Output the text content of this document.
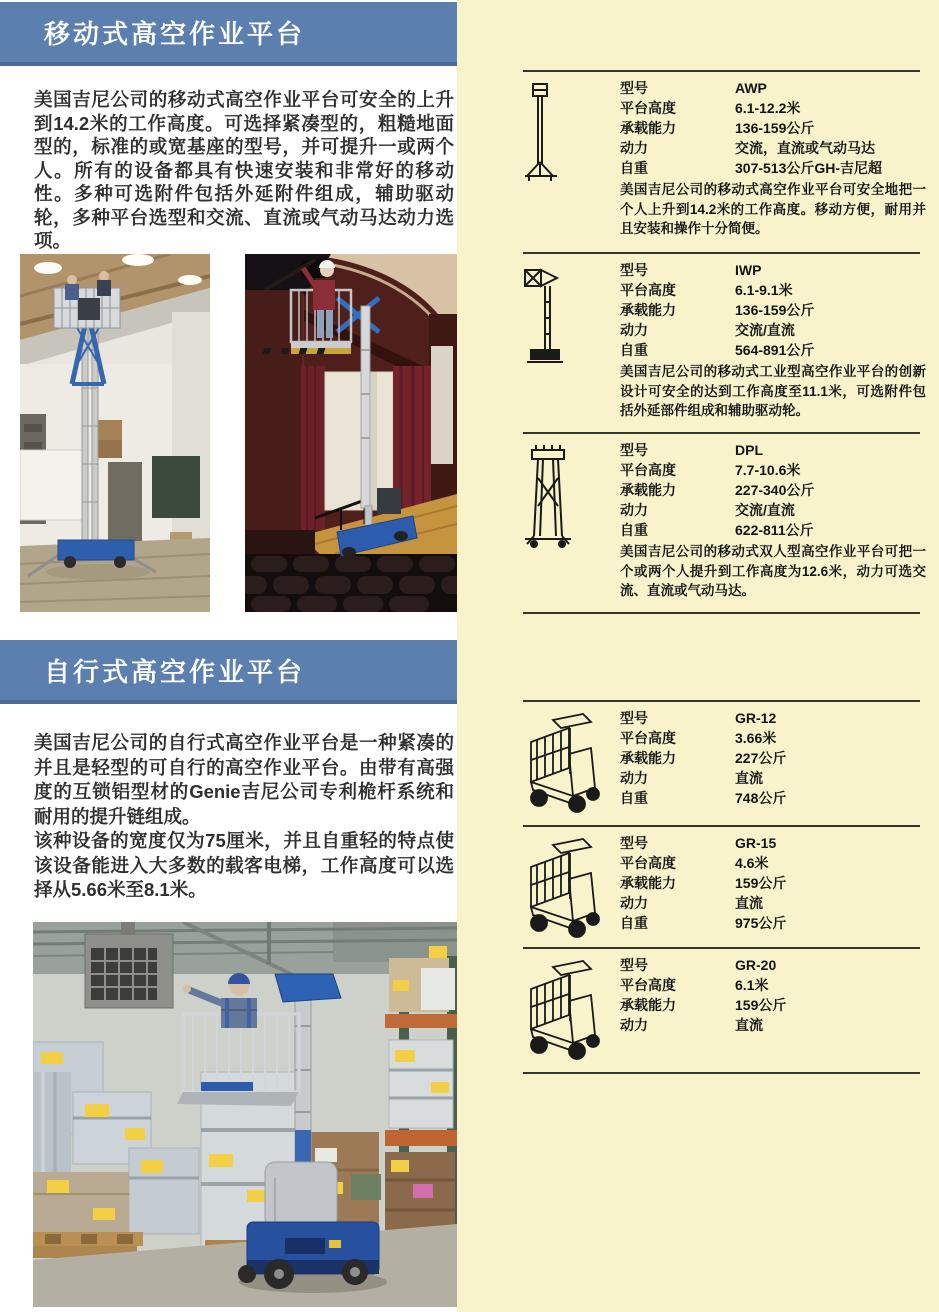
移动式高空作业平台
美国吉尼公司的移动式高空作业平台可安全的上升到14.2米的工作高度。可选择紧凑型的，粗糙地面型的，标准的或宽基座的型号，并可提升一或两个人。所有的设备都具有快速安装和非常好的移动性。多种可选附件包括外延附件组成，辅助驱动轮，多种平台选型和交流、直流或气动马达动力选项。
自行式高空作业平台
美国吉尼公司的自行式高空作业平台是一种紧凑的并且是轻型的可自行的高空作业平台。由带有高强度的互锁铝型材的Genie吉尼公司专利桅杆系统和耐用的提升链组成。
该种设备的宽度仅为75厘米，并且自重轻的特点使该设备能进入大多数的载客电梯，工作高度可以选择从5.66米至8.1米。
型号	AWP
平台高度	6.1-12.2米
承载能力	136-159公斤
动力	交流，直流或气动马达
自重	307-513公斤GH-吉尼超
美国吉尼公司的移动式高空作业平台可安全地把一个人上升到14.2米的工作高度。移动方便，耐用并且安装和操作十分简便。
型号	IWP
平台高度	6.1-9.1米
承载能力	136-159公斤
动力	交流/直流
自重	564-891公斤
美国吉尼公司的移动式工业型高空作业平台的创新设计可安全的达到工作高度至11.1米，可选附件包括外延部件组成和辅助驱动轮。
型号	DPL
平台高度	7.7-10.6米
承载能力	227-340公斤
动力	交流/直流
自重	622-811公斤
美国吉尼公司的移动式双人型高空作业平台可把一个或两个人提升到工作高度为12.6米，动力可选交流、直流或气动马达。
型号	GR-12
平台高度	3.66米
承载能力	227公斤
动力	直流
自重	748公斤
型号	GR-15
平台高度	4.6米
承载能力	159公斤
动力	直流
自重	975公斤
型号	GR-20
平台高度	6.1米
承载能力	159公斤
动力	直流
